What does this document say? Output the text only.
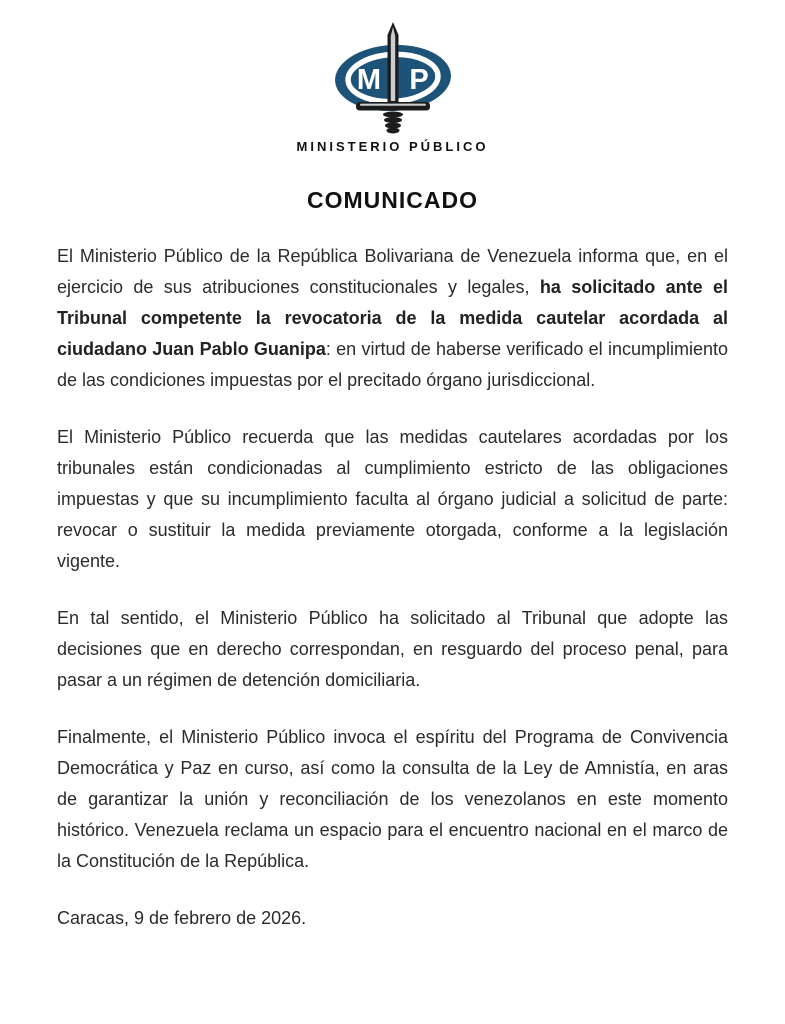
M P
MINISTERIO PÚBLICO
COMUNICADO

El Ministerio Público de la República Bolivariana de Venezuela informa que, en el ejercicio de sus atribuciones constitucionales y legales, ha solicitado ante el Tribunal competente la revocatoria de la medida cautelar acordada al ciudadano Juan Pablo Guanipa: en virtud de haberse verificado el incumplimiento de las condiciones impuestas por el precitado órgano jurisdiccional.

El Ministerio Público recuerda que las medidas cautelares acordadas por los tribunales están condicionadas al cumplimiento estricto de las obligaciones impuestas y que su incumplimiento faculta al órgano judicial a solicitud de parte: revocar o sustituir la medida previamente otorgada, conforme a la legislación vigente.

En tal sentido, el Ministerio Público ha solicitado al Tribunal que adopte las decisiones que en derecho correspondan, en resguardo del proceso penal, para pasar a un régimen de detención domiciliaria.

Finalmente, el Ministerio Público invoca el espíritu del Programa de Convivencia Democrática y Paz en curso, así como la consulta de la Ley de Amnistía, en aras de garantizar la unión y reconciliación de los venezolanos en este momento histórico. Venezuela reclama un espacio para el encuentro nacional en el marco de la Constitución de la República.

Caracas, 9 de febrero de 2026.
